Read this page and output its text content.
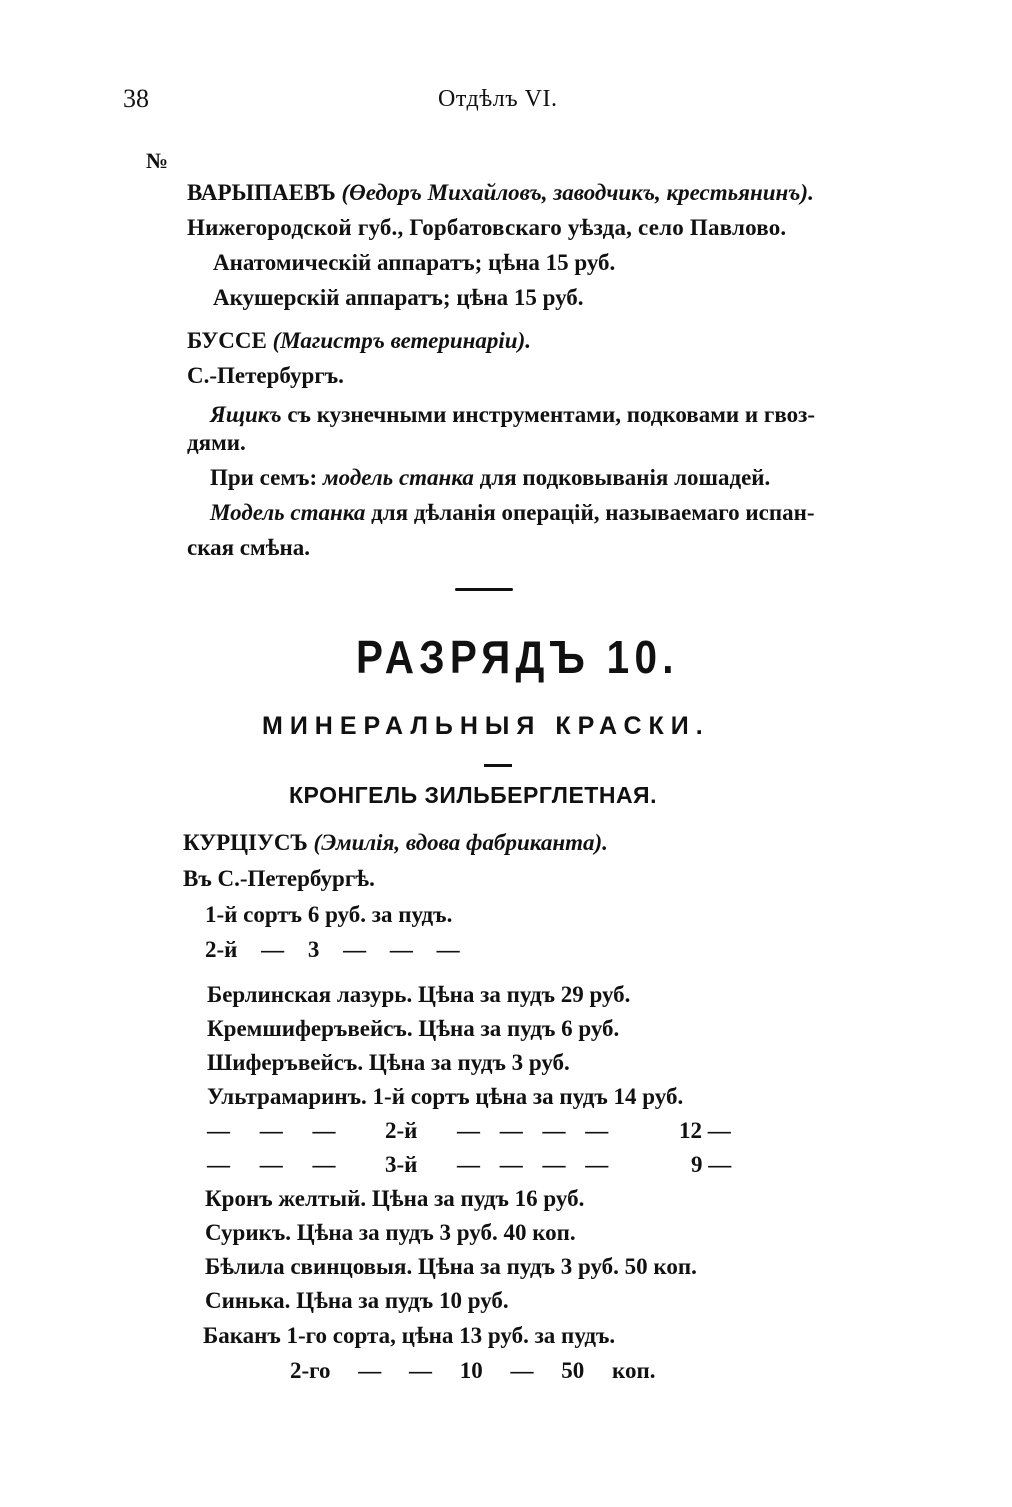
38	Отдѣлъ VI.
№
ВАРЫПАЕВЪ (Өедоръ Михайловъ, заводчикъ, крестьянинъ).
Нижегородской губ., Горбатовскаго уѣзда, село Павлово.
Анатомическій аппаратъ; цѣна 15 руб.
Акушерскій аппаратъ; цѣна 15 руб.
БУССЕ (Магистръ ветеринаріи).
С.-Петербургъ.
Ящикъ съ кузнечными инструментами, подковами и гвоз-
дями.
При семъ: модель станка для подковыванія лошадей.
Модель станка для дѣланія операцій, называемаго испан-
ская смѣна.
РАЗРЯДЪ 10.
МИНЕРАЛЬНЫЯ КРАСКИ.
КРОНГЕЛЬ ЗИЛЬБЕРГЛЕТНАЯ.
КУРЦІУСЪ (Эмилія, вдова фабриканта).
Въ С.-Петербургѣ.
1-й сортъ 6 руб. за пудъ.
2-й — 3 — — —
Берлинская лазурь. Цѣна за пудъ 29 руб.
Кремшиферъвейсъ. Цѣна за пудъ 6 руб.
Шиферъвейсъ. Цѣна за пудъ 3 руб.
Ультрамаринъ. 1-й сортъ цѣна за пудъ 14 руб.
— — — 2-й — — — —	12 —
— — — 3-й — — — —	9 —
Кронъ желтый. Цѣна за пудъ 16 руб.
Сурикъ. Цѣна за пудъ 3 руб. 40 коп.
Бѣлила свинцовыя. Цѣна за пудъ 3 руб. 50 коп.
Синька. Цѣна за пудъ 10 руб.
Баканъ 1-го сорта, цѣна 13 руб. за пудъ.
2-го — — 10 — 50 коп.
